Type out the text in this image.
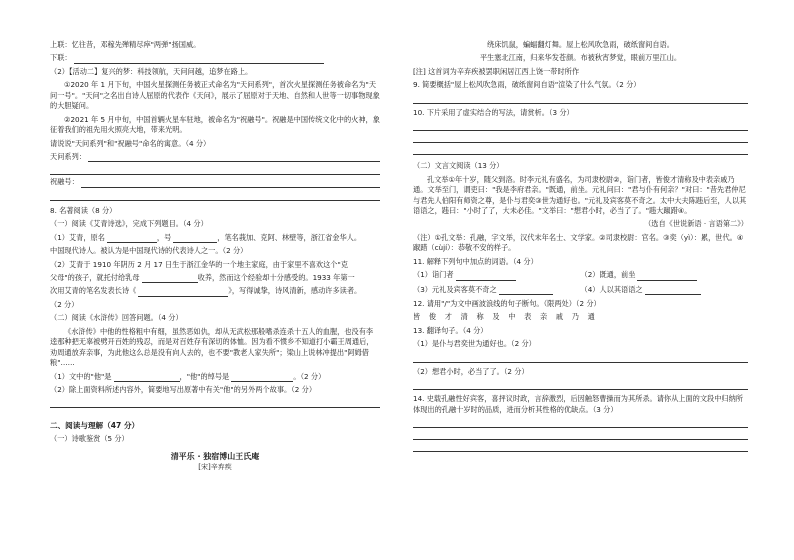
上联：忆往昔，邓稼先殚精尽瘁"两弹"扬国威。
下联：
（2）【活动二】复兴的梦：科技领航，天问问越，追梦在路上。
①2020 年 1 月下旬，中国火星探测任务被正式命名为"天问系列"，首次火星探测任务被命名为"天问一号"。"天问"之名出自诗人屈原的代表作《天问》，展示了屈原对于天地、自然和人世等一切事物现象的大胆疑问。
②2021 年 5 月中旬，中国首辆火星车驻地，被命名为"祝融号"。祝融是中国传统文化中的火神，象征着我们的祖先用火照亮大地，带来光明。
请说说"天问系列"和"祝融号"命名的寓意。（4 分）
天问系列：
祝融号：
8. 名著阅读（8 分）
（一）阅读《艾青诗选》，完成下列题目。（4 分）
（1）艾青，原名	，号	，笔名莪加、克阿、林壁等，浙江省金华人。
中国现代诗人。被认为是中国现代诗的代表诗人之一。（2 分）
（2）艾青于 1910 年阴历 2 月 17 日生于浙江金华的一个地主家庭，由于家里不喜欢这个"克
父母"的孩子，就托付给乳母	收养，然而这个经验却十分感受的。1933 年第一
次用艾青的笔名发表长诗《	》，写得诚挚，诗风清新，感动许多读者。
（2 分）
（二）阅读《水浒传》回答问题。（4 分）
《水浒传》中他的性格粗中有细，虽然恶如仇，却从无武松那般嗜杀连杀十五人的血腥，也没有李逵那种把无辜被劈开百姓的残忍，而是对百姓存有深切的体恤。因为看不惯乡不知道打小霸王周通后，劝周通放弃亲事，为此他这么总是没有向人去的，也不要"教老人家失所"；梁山上说林冲提出"阿姆借粮"……
（1）文中的"他"是	，"他"的绰号是	。（2 分）
（2）除上面资料所述内容外，简要地写出原著中有关"他"的另外两个故事。（2 分）
二、阅读与理解（47 分）
（一）诗歌鉴赏（5 分）
清平乐 · 独宿博山王氏庵
[宋]辛弃疾
绕床饥鼠，蝙蝠翻灯舞。屋上松风吹急雨，破纸窗间自语。
平生塞北江南，归来华发苍颜。布被秋宵梦觉，眼前万里江山。
[注] 这首词为辛弃疾被罢职闲居江西上饶一带时所作
9. 简要概括"屋上松风吹急雨，破纸窗间自语"渲染了什么气氛。（2 分）
10. 下片采用了虚实结合的写法，请赏析。（3 分）
（二）文言文阅读（13 分）
孔文举①年十岁，随父到洛。时李元礼有盛名，为司隶校尉②，诣门者，皆俊才清称及中表亲戚乃通。文举至门，谓吏曰："我是李府君亲。"既通，前坐。元礼问曰："君与仆有何亲？"对曰："昔先君仲尼与君先人伯阳有师资之尊，是仆与君奕③世为通好也。"元礼及宾客莫不奇之。太中大夫陈韪后至，人以其语语之，韪曰："小时了了，大未必佳。"文举曰："想君小时，必当了了。"韪大踧踖④。
（选自《世说新语 · 言语第二》）
（注）①孔文举：孔融，字文举，汉代末年名士、文学家。②司隶校尉：官名。③奕（yì）：累，世代。④踧踖（cùjí）：恭敬不安的样子。
11. 解释下列句中加点的词语。（4 分）
（1）诣门者	（2）既通，前坐
（3）元礼及宾客莫不奇之	（4）人以其语语之
12. 请用"/"为文中画波浪线的句子断句。（限两处）（2 分）
皆 俊 才 清 称 及 中 表 亲 戚 乃 通
13. 翻译句子。（4 分）
（1）是仆与君奕世为通好也。（2 分）
（2）想君小时，必当了了。（2 分）
14. 史载孔融性好宾客，喜抨议时政，言辞激烈，后因触怒曹操而为其所杀。请你从上面的文段中归纳所体现出的孔融十岁时的品质，进而分析其性格的优缺点。（3 分）
